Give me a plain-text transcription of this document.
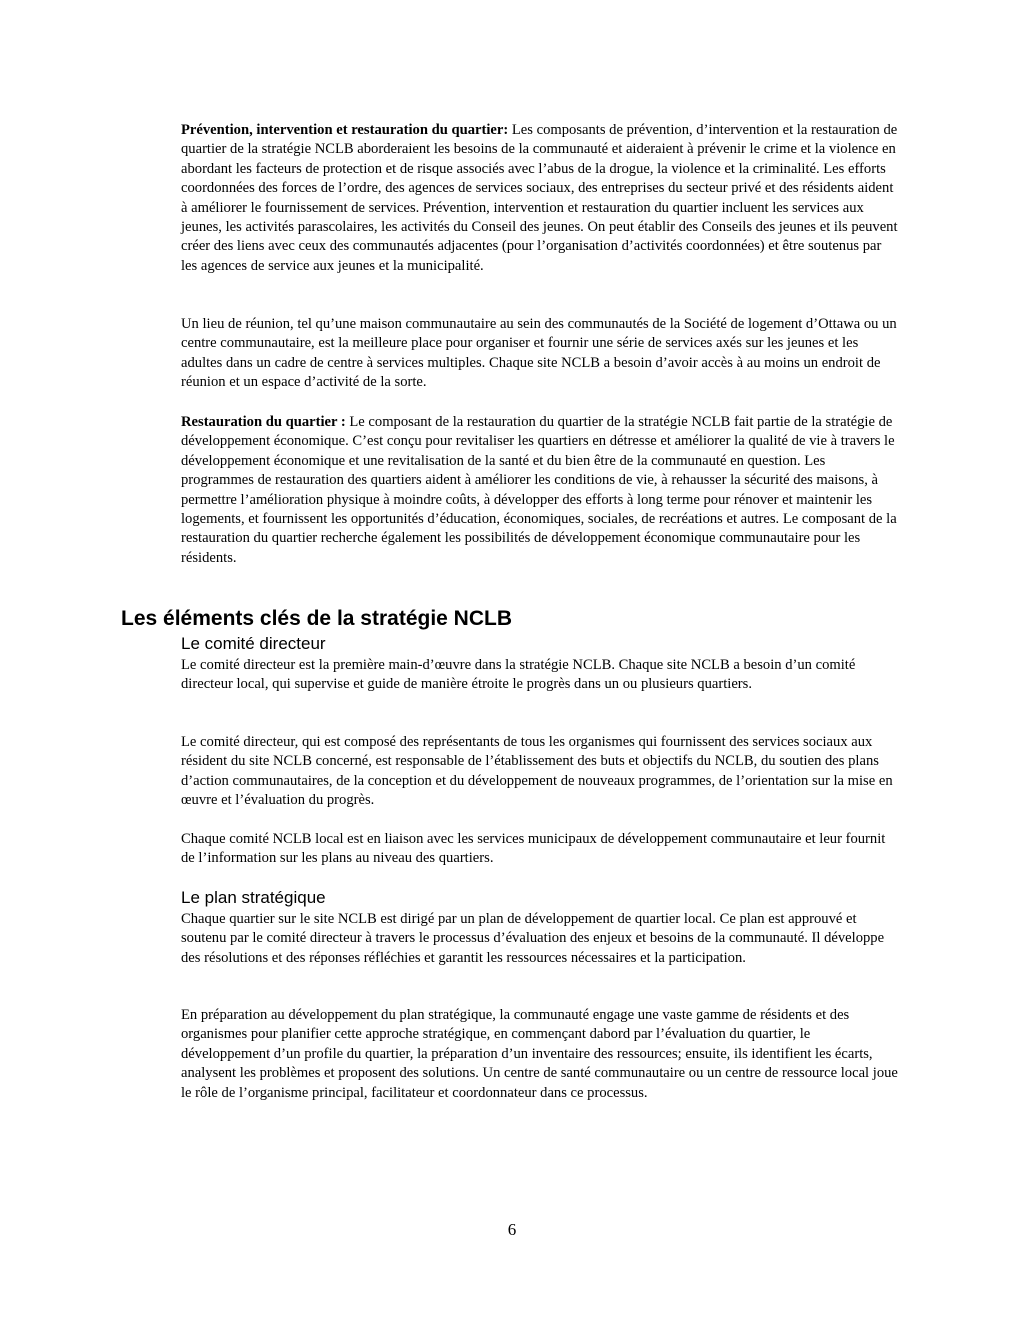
Prévention, intervention et restauration du quartier: Les composants de prévention, d’intervention et la restauration de quartier de la stratégie NCLB aborderaient les besoins de la communauté et aideraient à prévenir le crime et la violence en abordant les facteurs de protection et de risque associés avec l’abus de la drogue, la violence et la criminalité. Les efforts coordonnées des forces de l’ordre, des agences de services sociaux, des entreprises du secteur privé et des résidents aident à améliorer le fournissement de services. Prévention, intervention et restauration du quartier incluent les services aux jeunes, les activités parascolaires, les activités du Conseil des jeunes. On peut établir des Conseils des jeunes et ils peuvent créer des liens avec ceux des communautés adjacentes (pour l’organisation d’activités coordonnées) et être soutenus par les agences de service aux jeunes et la municipalité.

Un lieu de réunion, tel qu’une maison communautaire au sein des communautés de la Société de logement d’Ottawa ou un centre communautaire, est la meilleure place pour organiser et fournir une série de services axés sur les jeunes et les adultes dans un cadre de centre à services multiples. Chaque site NCLB a besoin d’avoir accès à au moins un endroit de réunion et un espace d’activité de la sorte.

Restauration du quartier : Le composant de la restauration du quartier de la stratégie NCLB fait partie de la stratégie de développement économique. C’est conçu pour revitaliser les quartiers en détresse et améliorer la qualité de vie à travers le développement économique et une revitalisation de la santé et du bien être de la communauté en question. Les programmes de restauration des quartiers aident à améliorer les conditions de vie, à rehausser la sécurité des maisons, à permettre l’amélioration physique à moindre coûts, à développer des efforts à long terme pour rénover et maintenir les logements, et fournissent les opportunités d’éducation, économiques, sociales, de recréations et autres. Le composant de la restauration du quartier recherche également les possibilités de développement économique communautaire pour les résidents.

Les éléments clés de la stratégie NCLB
Le comité directeur

Le comité directeur est la première main-d’œuvre dans la stratégie NCLB. Chaque site NCLB a besoin d’un comité directeur local, qui supervise et guide de manière étroite le progrès dans un ou plusieurs quartiers.

Le comité directeur, qui est composé des représentants de tous les organismes qui fournissent des services sociaux aux résident du site NCLB concerné, est responsable de l’établissement des buts et objectifs du NCLB, du soutien des plans d’action communautaires, de la conception et du développement de nouveaux programmes, de l’orientation sur la mise en œuvre et l’évaluation du progrès.

Chaque comité NCLB local est en liaison avec les services municipaux de développement communautaire et leur fournit de l’information sur les plans au niveau des quartiers.

Le plan stratégique

Chaque quartier sur le site NCLB est dirigé par un plan de développement de quartier local. Ce plan est approuvé et soutenu par le comité directeur à travers le processus d’évaluation des enjeux et besoins de la communauté. Il développe des résolutions et des réponses réfléchies et garantit les ressources nécessaires et la participation.

En préparation au développement du plan stratégique, la communauté engage une vaste gamme de résidents et des organismes pour planifier cette approche stratégique, en commençant dabord par l’évaluation du quartier, le développement d’un profile du quartier, la préparation d’un inventaire des ressources; ensuite, ils identifient les écarts, analysent les problèmes et proposent des solutions. Un centre de santé communautaire ou un centre de ressource local joue le rôle de l’organisme principal, facilitateur et coordonnateur dans ce processus.

6
